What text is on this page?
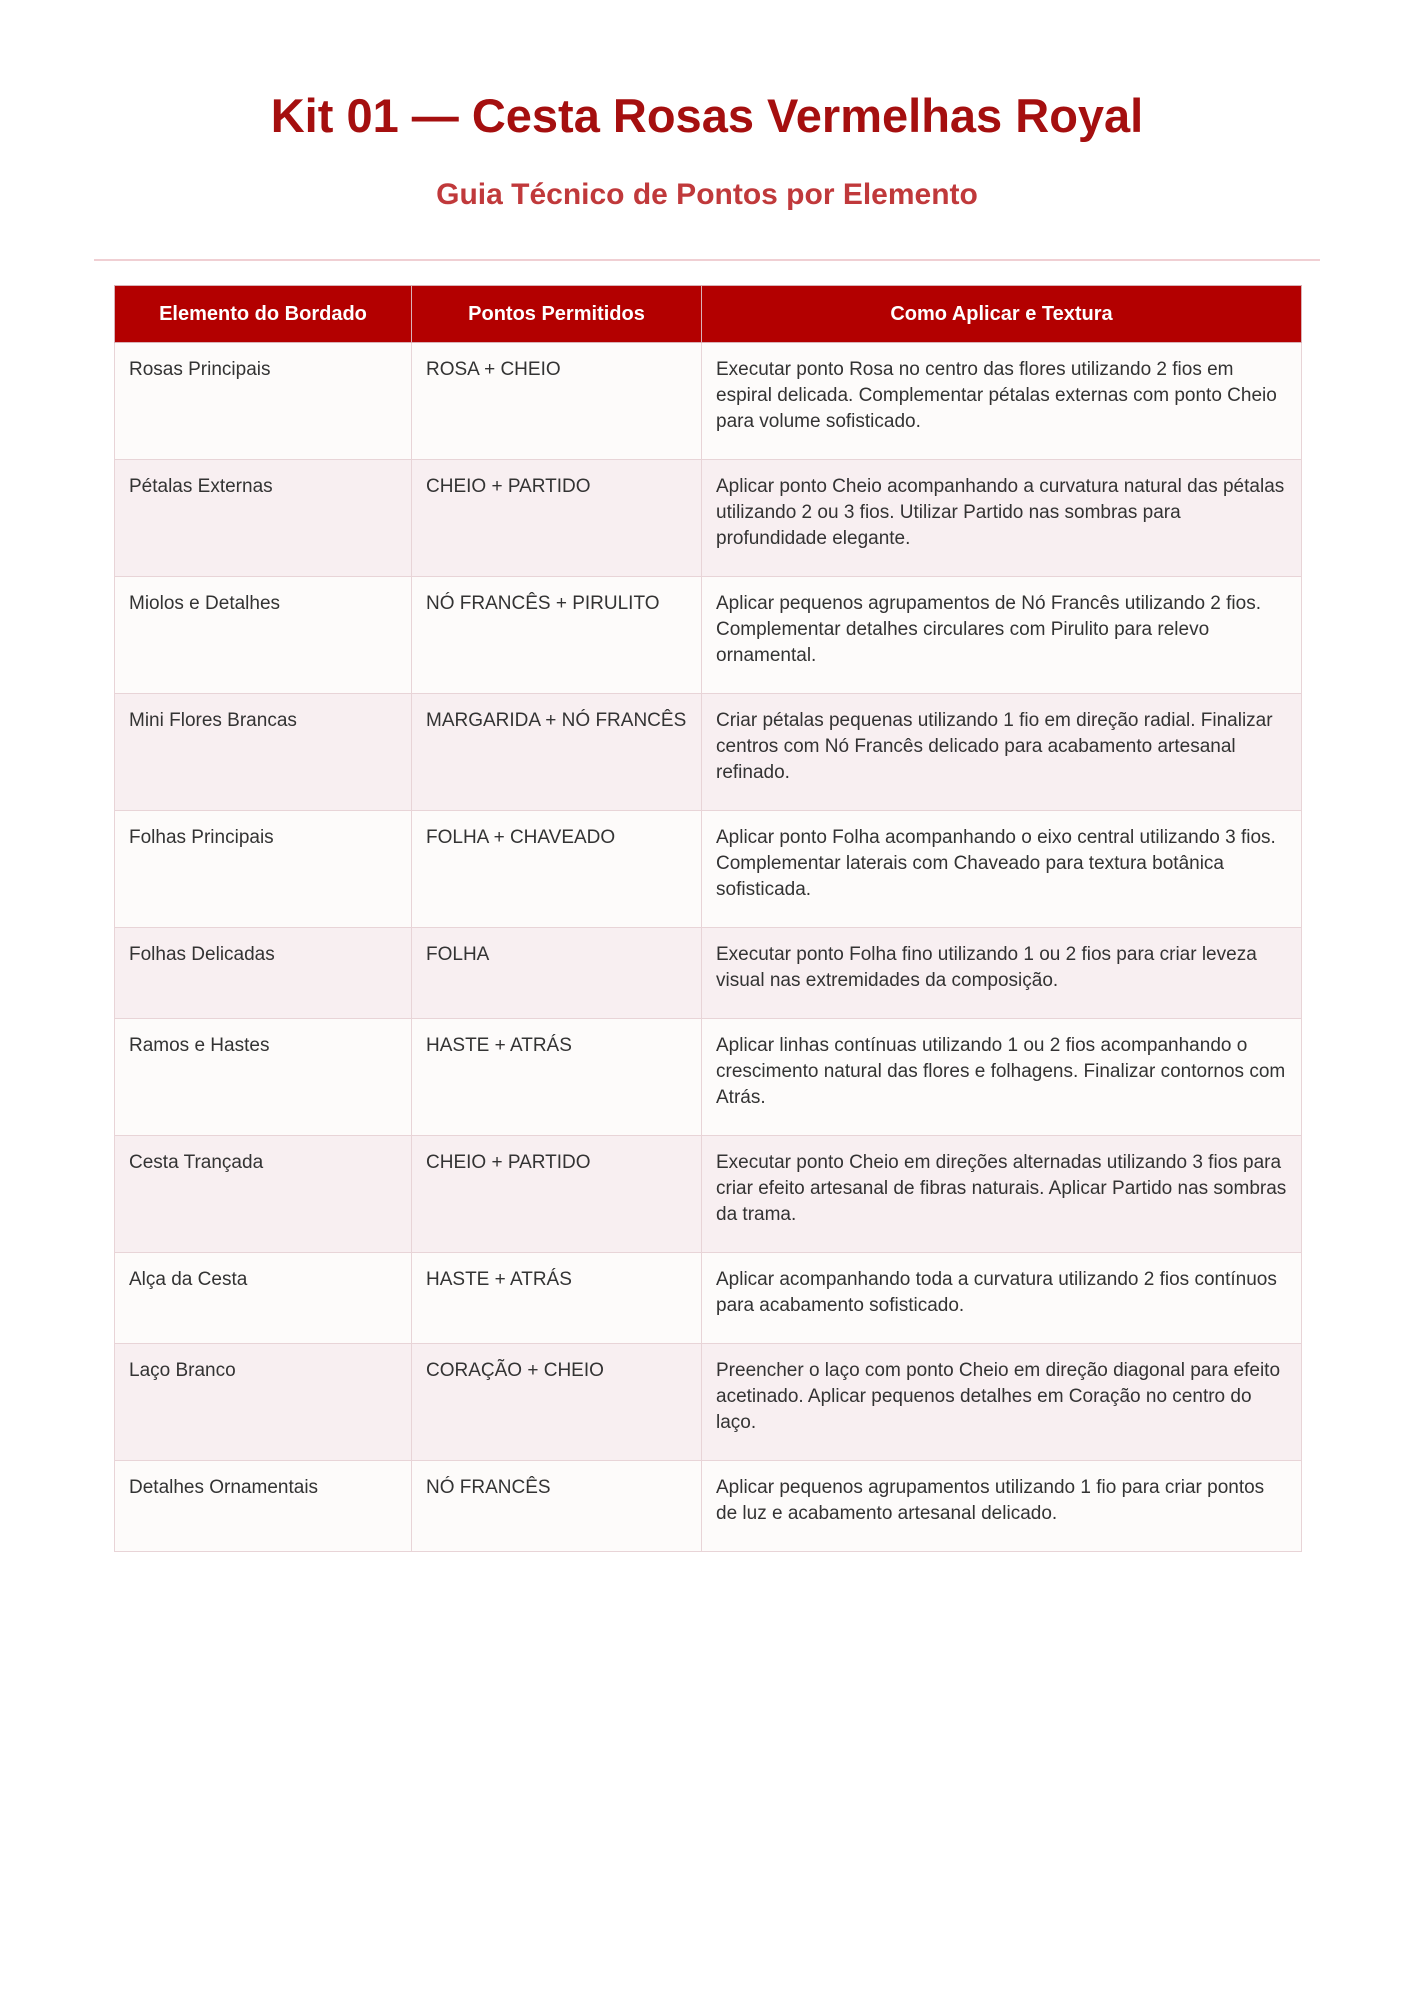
Kit 01 — Cesta Rosas Vermelhas Royal
Guia Técnico de Pontos por Elemento
Elemento do Bordado	Pontos Permitidos	Como Aplicar e Textura
Rosas Principais	ROSA + CHEIO	Executar ponto Rosa no centro das flores utilizando 2 fios em espiral delicada. Complementar pétalas externas com ponto Cheio para volume sofisticado.
Pétalas Externas	CHEIO + PARTIDO	Aplicar ponto Cheio acompanhando a curvatura natural das pétalas utilizando 2 ou 3 fios. Utilizar Partido nas sombras para profundidade elegante.
Miolos e Detalhes	NÓ FRANCÊS + PIRULITO	Aplicar pequenos agrupamentos de Nó Francês utilizando 2 fios. Complementar detalhes circulares com Pirulito para relevo ornamental.
Mini Flores Brancas	MARGARIDA + NÓ FRANCÊS	Criar pétalas pequenas utilizando 1 fio em direção radial. Finalizar centros com Nó Francês delicado para acabamento artesanal refinado.
Folhas Principais	FOLHA + CHAVEADO	Aplicar ponto Folha acompanhando o eixo central utilizando 3 fios. Complementar laterais com Chaveado para textura botânica sofisticada.
Folhas Delicadas	FOLHA	Executar ponto Folha fino utilizando 1 ou 2 fios para criar leveza visual nas extremidades da composição.
Ramos e Hastes	HASTE + ATRÁS	Aplicar linhas contínuas utilizando 1 ou 2 fios acompanhando o crescimento natural das flores e folhagens. Finalizar contornos com Atrás.
Cesta Trançada	CHEIO + PARTIDO	Executar ponto Cheio em direções alternadas utilizando 3 fios para criar efeito artesanal de fibras naturais. Aplicar Partido nas sombras da trama.
Alça da Cesta	HASTE + ATRÁS	Aplicar acompanhando toda a curvatura utilizando 2 fios contínuos para acabamento sofisticado.
Laço Branco	CORAÇÃO + CHEIO	Preencher o laço com ponto Cheio em direção diagonal para efeito acetinado. Aplicar pequenos detalhes em Coração no centro do laço.
Detalhes Ornamentais	NÓ FRANCÊS	Aplicar pequenos agrupamentos utilizando 1 fio para criar pontos de luz e acabamento artesanal delicado.
